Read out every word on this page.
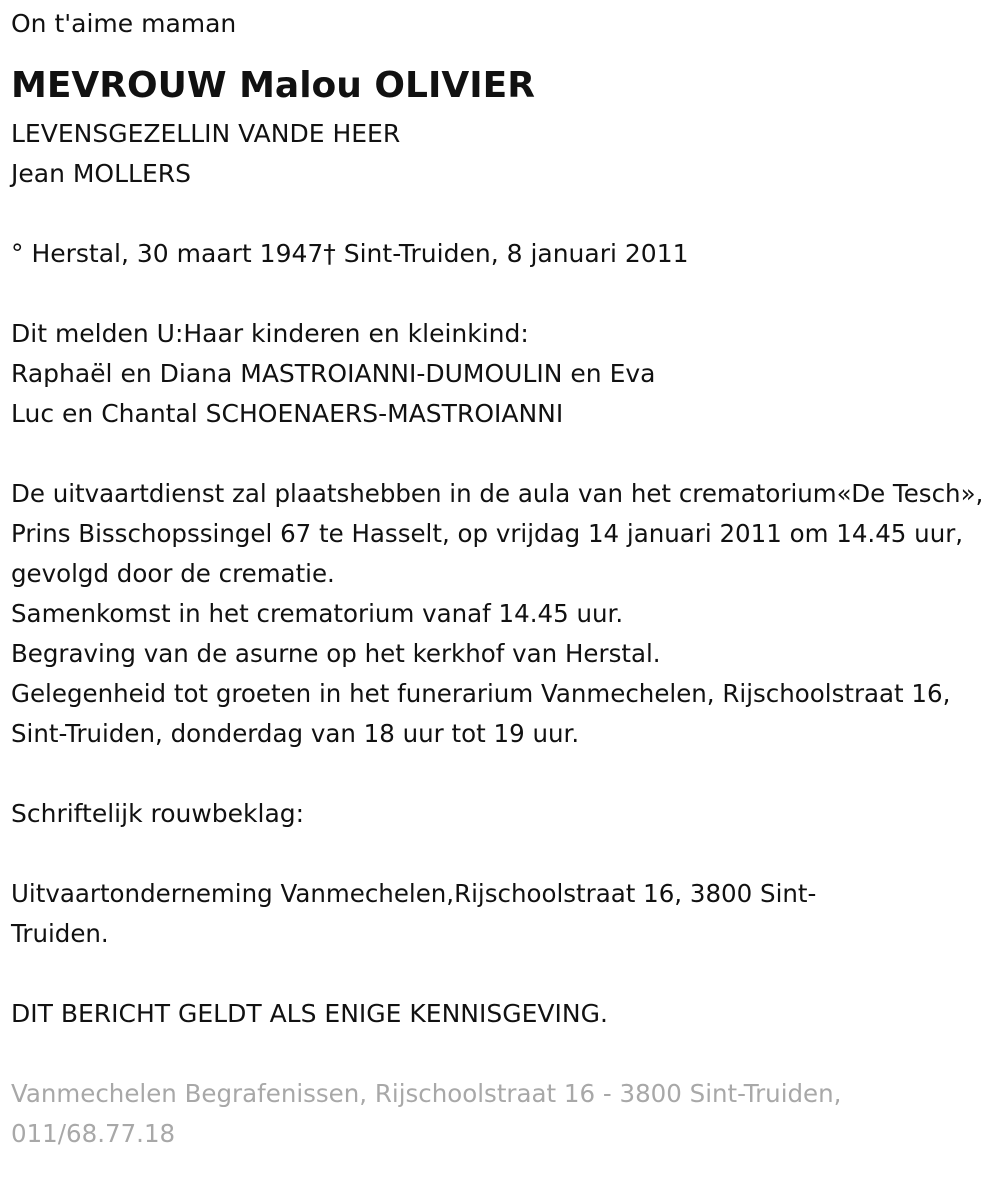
On t'aime maman
MEVROUW Malou OLIVIER
LEVENSGEZELLIN VANDE HEER
Jean MOLLERS
° Herstal, 30 maart 1947† Sint-Truiden, 8 januari 2011
Dit melden U:Haar kinderen en kleinkind:
Raphaël en Diana MASTROIANNI-DUMOULIN en Eva
Luc en Chantal SCHOENAERS-MASTROIANNI

De uitvaartdienst zal plaatshebben in de aula van het crematorium«De Tesch», Prins Bisschopssingel 67 te Hasselt, op vrijdag 14 januari 2011 om 14.45 uur, gevolgd door de crematie.

Samenkomst in het crematorium vanaf 14.45 uur.

Begraving van de asurne op het kerkhof van Herstal.

Gelegenheid tot groeten in het funerarium Vanmechelen, Rijschoolstraat 16, Sint-Truiden, donderdag van 18 uur tot 19 uur.

Schriftelijk rouwbeklag:

Uitvaartonderneming Vanmechelen,Rijschoolstraat 16, 3800 Sint-Truiden.

DIT BERICHT GELDT ALS ENIGE KENNISGEVING.

Vanmechelen Begrafenissen, Rijschoolstraat 16 - 3800 Sint-Truiden, 011/68.77.18
